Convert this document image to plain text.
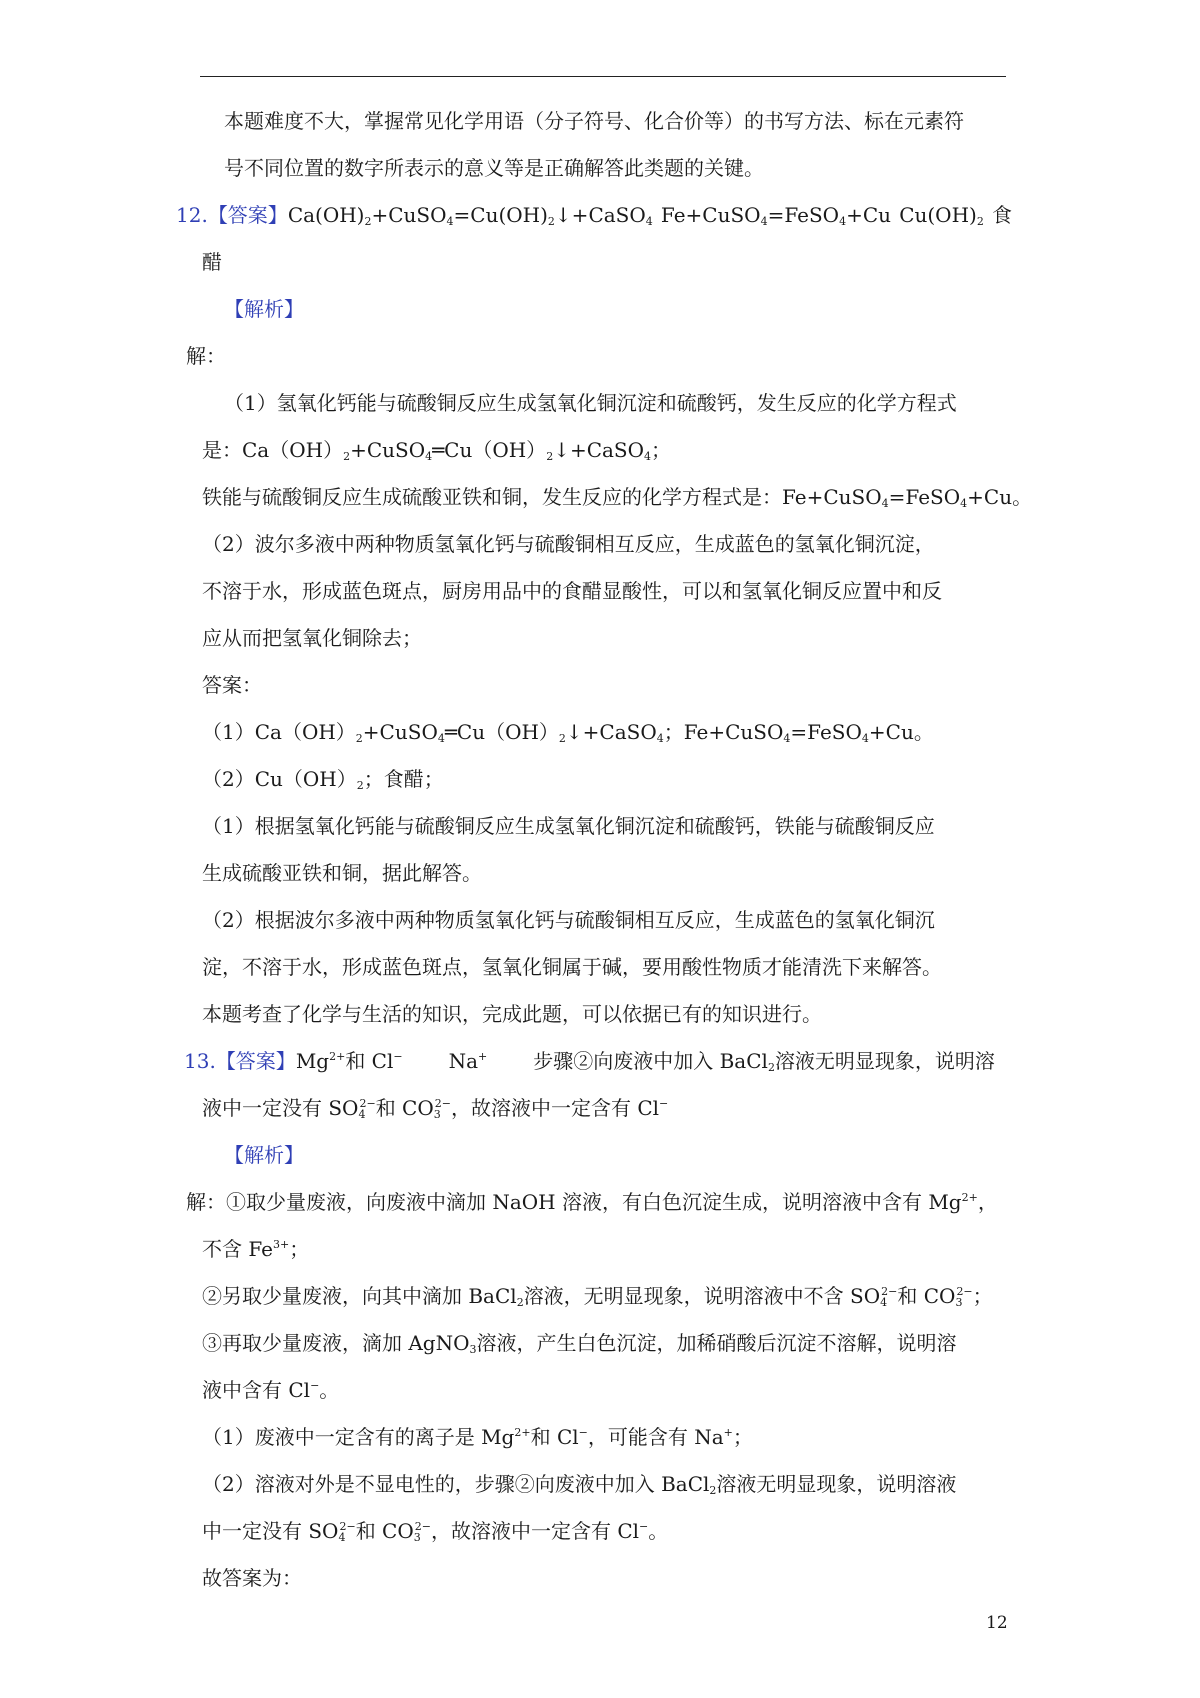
本题难度不大，掌握常见化学用语（分子符号、化合价等）的书写方法、标在元素符
号不同位置的数字所表示的意义等是正确解答此类题的关键。
12.【答案】$Ca(OH)_2+CuSO_4=Cu(OH)_2↓+CaSO_4$ Fe+CuSO$_4$=FeSO$_4$+Cu $Cu(OH)_2$ 食
醋
【解析】
解：
（1）氢氧化钙能与硫酸铜反应生成氢氧化铜沉淀和硫酸钙，发生反应的化学方程式
是：$Ca(OH)_2+CuSO_4═Cu(OH)_2↓+CaSO_4$；
铁能与硫酸铜反应生成硫酸亚铁和铜，发生反应的化学方程式是：Fe+CuSO$_4$=FeSO$_4$+Cu。
（2）波尔多液中两种物质氢氧化钙与硫酸铜相互反应，生成蓝色的氢氧化铜沉淀，
不溶于水，形成蓝色斑点，厨房用品中的食醋显酸性，可以和氢氧化铜反应置中和反
应从而把氢氧化铜除去；
答案：
$(1)Ca(OH)_2+CuSO_4═Cu(OH)_2↓+CaSO_4$；Fe+CuSO$_4$=FeSO$_4$+Cu。
$(2)Cu(OH)_2$；食醋；
（1）根据氢氧化钙能与硫酸铜反应生成氢氧化铜沉淀和硫酸钙，铁能与硫酸铜反应
生成硫酸亚铁和铜，据此解答。
（2）根据波尔多液中两种物质氢氧化钙与硫酸铜相互反应，生成蓝色的氢氧化铜沉
淀，不溶于水，形成蓝色斑点，氢氧化铜属于碱，要用酸性物质才能清洗下来解答。
本题考查了化学与生活的知识，完成此题，可以依据已有的知识进行。
13.【答案】$Mg^{2+}$和 Cl− Na+ 步骤②向废液中加入 BaCl$_2$溶液无明显现象，说明溶
液中一定没有 $SO_4^{2-}$和 $CO_3^{2-}$，故溶液中一定含有 Cl−
【解析】
解：①取少量废液，向废液中滴加 NaOH 溶液，有白色沉淀生成，说明溶液中含有 $Mg^{2+}$，
不含 $Fe^{3+}$；
②另取少量废液，向其中滴加 BaCl$_2$溶液，无明显现象，说明溶液中不含 $SO_4^{2-}$和 $CO_3^{2-}$；
③再取少量废液，滴加 AgNO$_3$溶液，产生白色沉淀，加稀硝酸后沉淀不溶解，说明溶
液中含有 Cl−。
（1）废液中一定含有的离子是 $Mg^{2+}$和 Cl−，可能含有 Na+；
（2）溶液对外是不显电性的，步骤②向废液中加入 BaCl$_2$溶液无明显现象，说明溶液
中一定没有 $SO_4^{2-}$和 $CO_3^{2-}$，故溶液中一定含有 Cl−。
故答案为：
12
